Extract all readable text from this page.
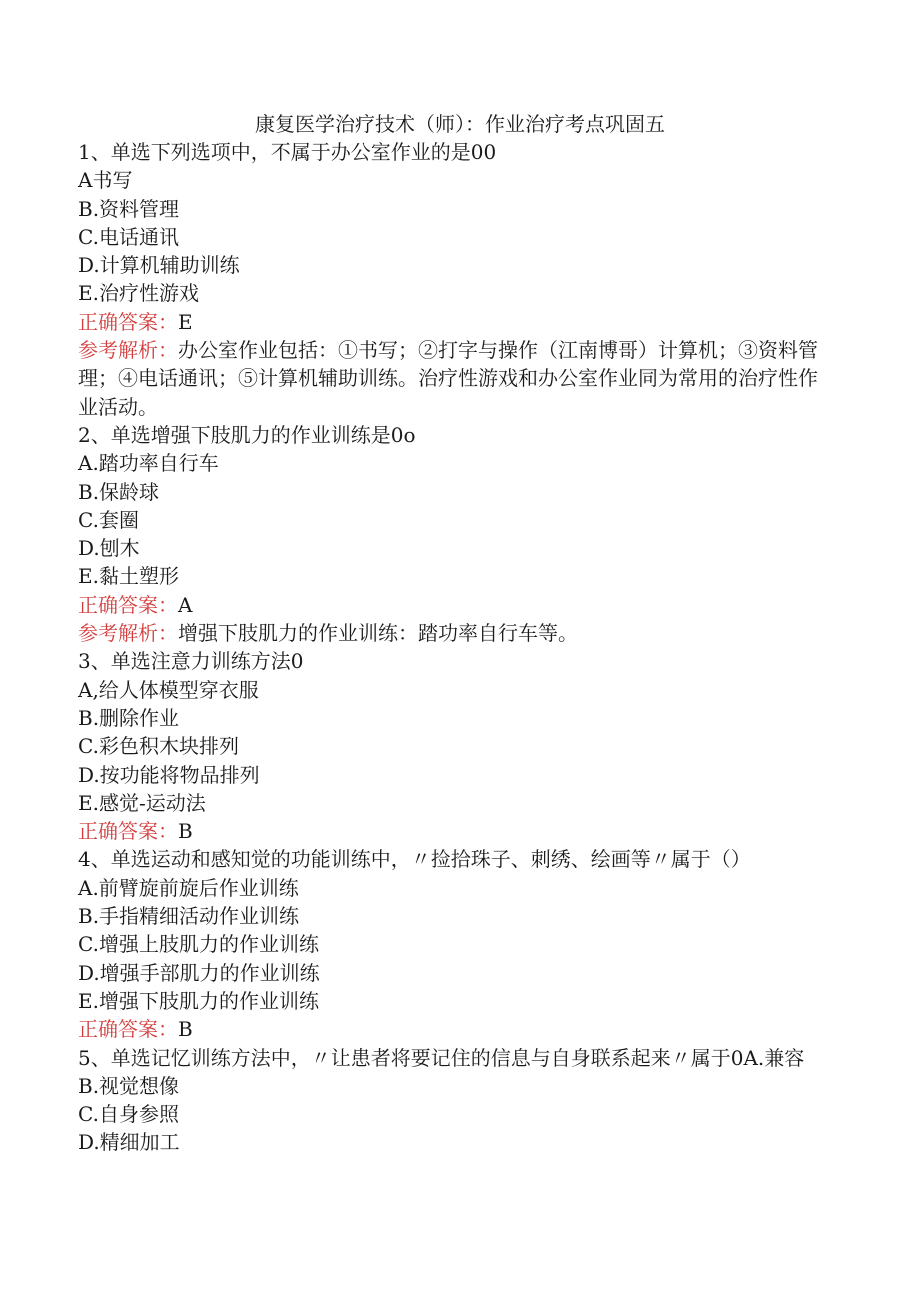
康复医学治疗技术（师）：作业治疗考点巩固五
1、单选下列选项中，不属于办公室作业的是00
A书写
B.资料管理
C.电话通讯
D.计算机辅助训练
E.治疗性游戏
正确答案：E
参考解析：办公室作业包括：①书写；②打字与操作（江南博哥）计算机；③资料管理；④电话通讯；⑤计算机辅助训练。治疗性游戏和办公室作业同为常用的治疗性作业活动。
2、单选增强下肢肌力的作业训练是0o
A.踏功率自行车
B.保龄球
C.套圈
D.刨木
E.黏土塑形
正确答案：A
参考解析：增强下肢肌力的作业训练：踏功率自行车等。
3、单选注意力训练方法0
A,给人体模型穿衣服
B.删除作业
C.彩色积木块排列
D.按功能将物品排列
E.感觉-运动法
正确答案：B
4、单选运动和感知觉的功能训练中，〃捡拾珠子、刺绣、绘画等〃属于（）
A.前臂旋前旋后作业训练
B.手指精细活动作业训练
C.增强上肢肌力的作业训练
D.增强手部肌力的作业训练
E.增强下肢肌力的作业训练
正确答案：B
5、单选记忆训练方法中，〃让患者将要记住的信息与自身联系起来〃属于0A.兼容
B.视觉想像
C.自身参照
D.精细加工
